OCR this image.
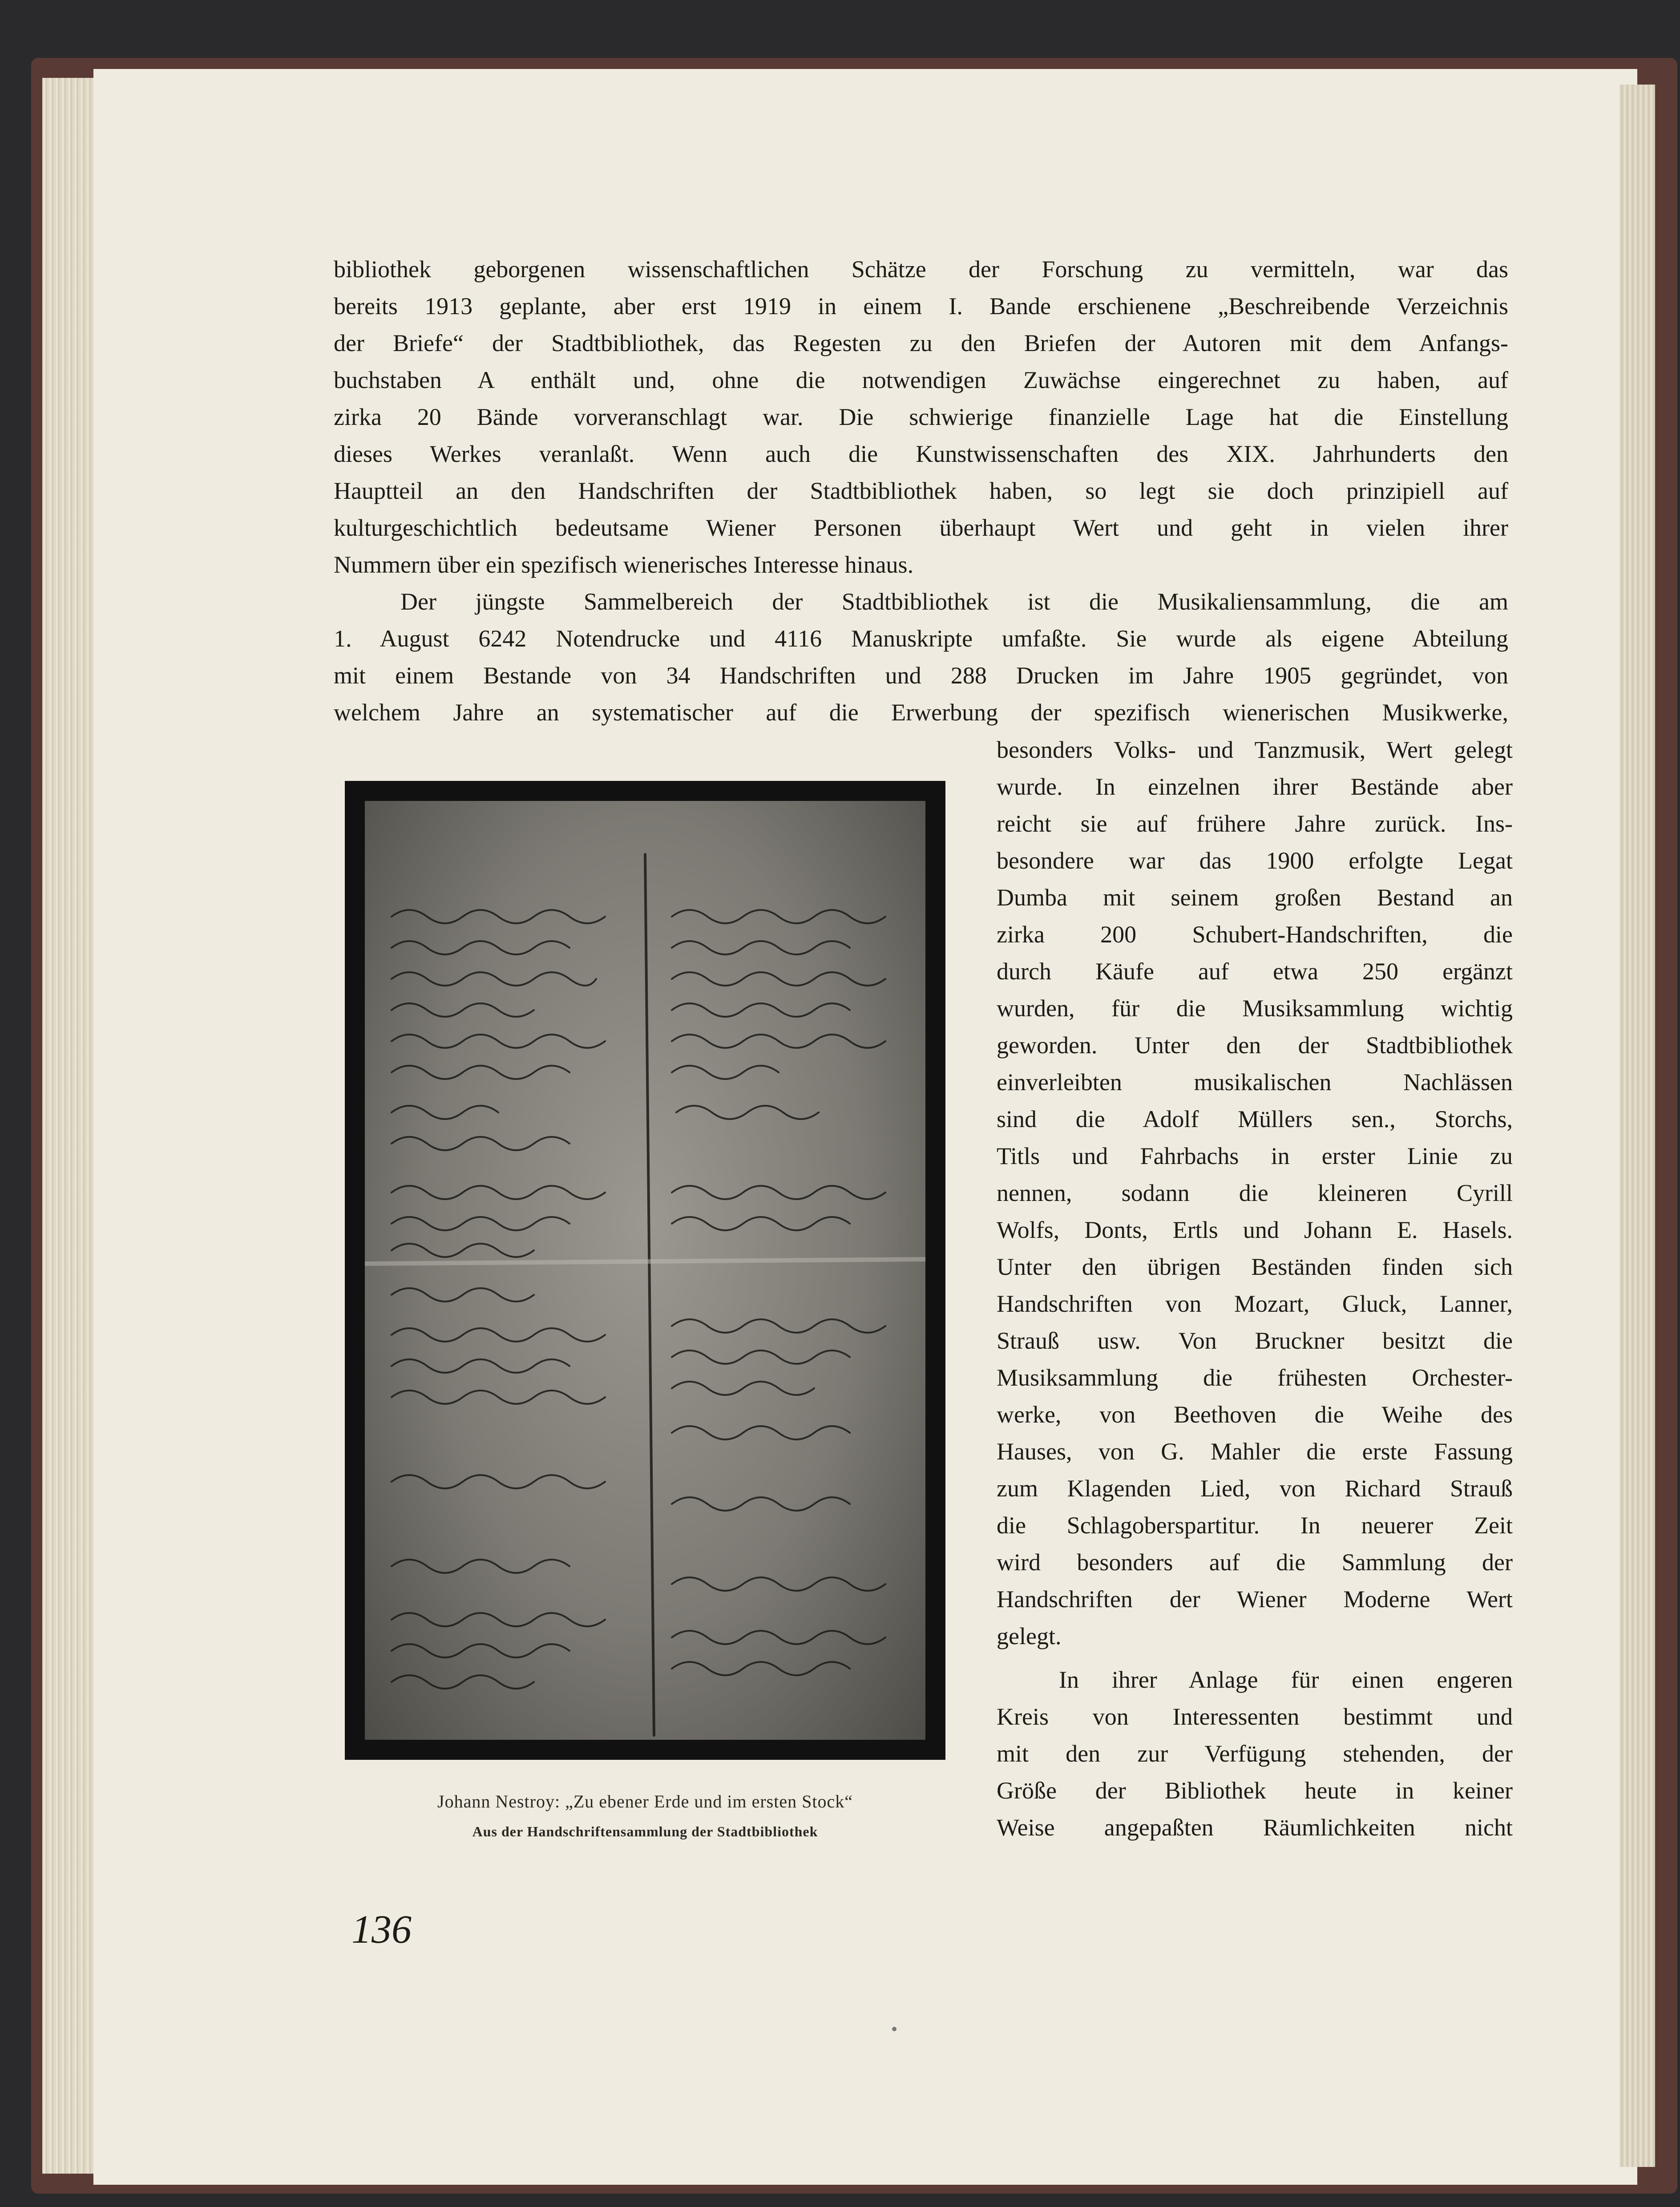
bibliothek geborgenen wissenschaftlichen Schätze der Forschung zu vermitteln, war das
bereits 1913 geplante, aber erst 1919 in einem I. Bande erschienene „Beschreibende Verzeichnis
der Briefe“ der Stadtbibliothek, das Regesten zu den Briefen der Autoren mit dem Anfangs-
buchstaben A enthält und, ohne die notwendigen Zuwächse eingerechnet zu haben, auf
zirka 20 Bände vorveranschlagt war. Die schwierige finanzielle Lage hat die Einstellung
dieses Werkes veranlaßt. Wenn auch die Kunstwissenschaften des XIX. Jahrhunderts den
Hauptteil an den Handschriften der Stadtbibliothek haben, so legt sie doch prinzipiell auf
kulturgeschichtlich bedeutsame Wiener Personen überhaupt Wert und geht in vielen ihrer
Nummern über ein spezifisch wienerisches Interesse hinaus.
Der jüngste Sammelbereich der Stadtbibliothek ist die Musikaliensammlung, die am
1. August 6242 Notendrucke und 4116 Manuskripte umfaßte. Sie wurde als eigene Abteilung
mit einem Bestande von 34 Handschriften und 288 Drucken im Jahre 1905 gegründet, von
welchem Jahre an systematischer auf die Erwerbung der spezifisch wienerischen Musikwerke,
besonders Volks- und Tanzmusik, Wert gelegt
wurde. In einzelnen ihrer Bestände aber
reicht sie auf frühere Jahre zurück. Ins-
besondere war das 1900 erfolgte Legat
Dumba mit seinem großen Bestand an
zirka 200 Schubert-Handschriften, die
durch Käufe auf etwa 250 ergänzt
wurden, für die Musiksammlung wichtig
geworden. Unter den der Stadtbibliothek
einverleibten musikalischen Nachlässen
sind die Adolf Müllers sen., Storchs,
Titls und Fahrbachs in erster Linie zu
nennen, sodann die kleineren Cyrill
Wolfs, Donts, Ertls und Johann E. Hasels.
Unter den übrigen Beständen finden sich
Handschriften von Mozart, Gluck, Lanner,
Strauß usw. Von Bruckner besitzt die
Musiksammlung die frühesten Orchester-
werke, von Beethoven die Weihe des
Hauses, von G. Mahler die erste Fassung
zum Klagenden Lied, von Richard Strauß
die Schlagoberspartitur. In neuerer Zeit
wird besonders auf die Sammlung der
Handschriften der Wiener Moderne Wert
gelegt.
In ihrer Anlage für einen engeren
Kreis von Interessenten bestimmt und
mit den zur Verfügung stehenden, der
Größe der Bibliothek heute in keiner
Weise angepaßten Räumlichkeiten nicht
Johann Nestroy: „Zu ebener Erde und im ersten Stock“
Aus der Handschriftensammlung der Stadtbibliothek
136
